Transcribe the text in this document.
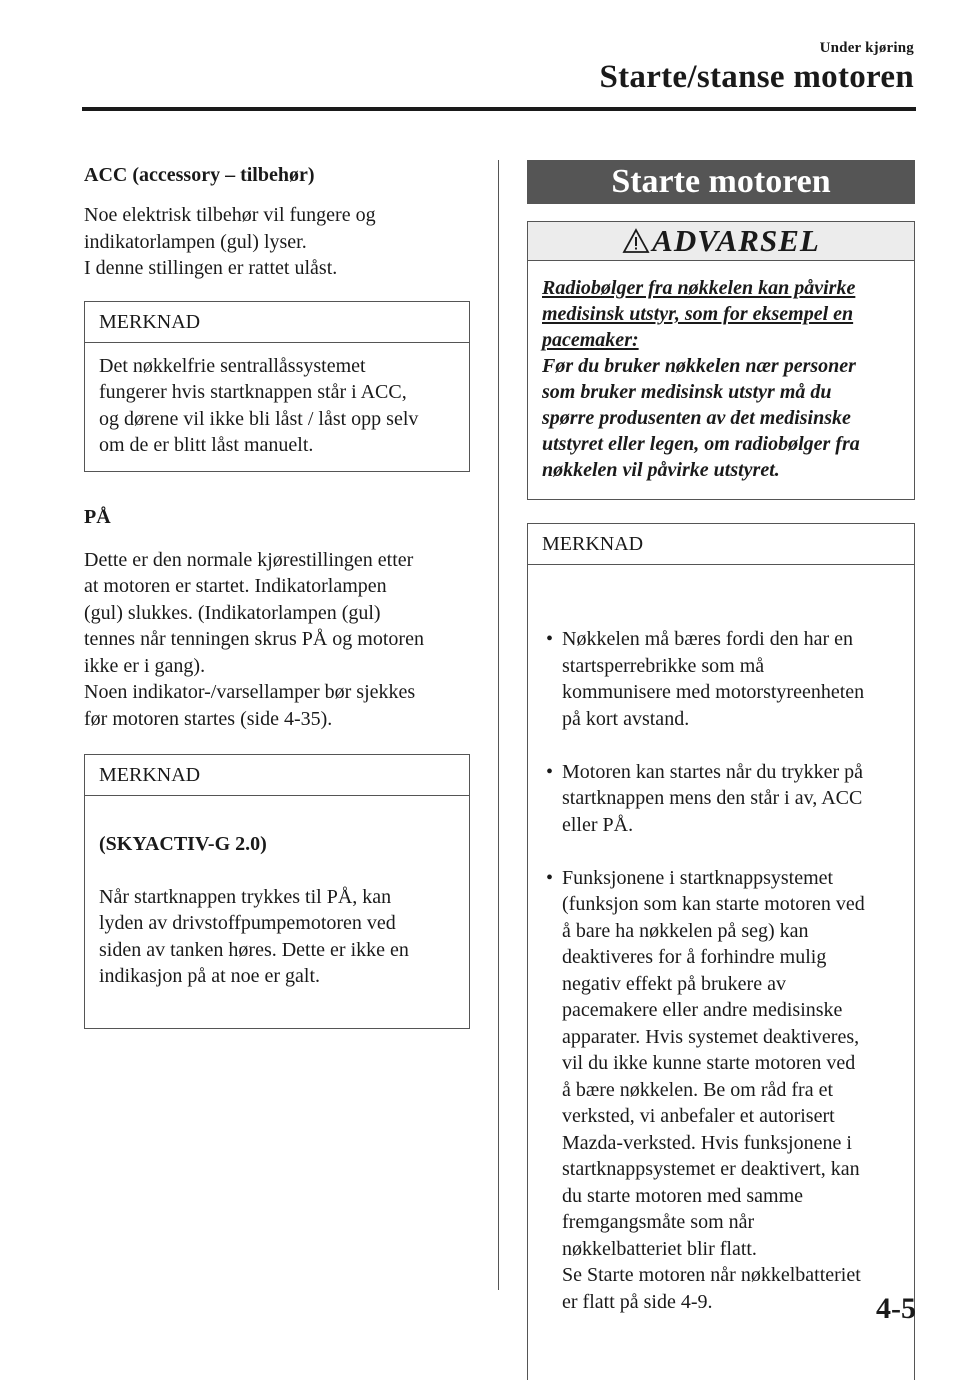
Under kjøring
Starte/stanse motoren
ACC (accessory – tilbehør)

Noe elektrisk tilbehør vil fungere og
indikatorlampen (gul) lyser.
I denne stillingen er rattet ulåst.

MERKNAD
Det nøkkelfrie sentrallåssystemet
fungerer hvis startknappen står i ACC,
og dørene vil ikke bli låst / låst opp selv
om de er blitt låst manuelt.
PÅ

Dette er den normale kjørestillingen etter
at motoren er startet. Indikatorlampen
(gul) slukkes. (Indikatorlampen (gul)
tennes når tenningen skrus PÅ og motoren
ikke er i gang).
Noen indikator-/varsellamper bør sjekkes
før motoren startes (side 4-35).

MERKNAD

(SKYACTIV-G 2.0)

Når startknappen trykkes til PÅ, kan
lyden av drivstoffpumpemotoren ved
siden av tanken høres. Dette er ikke en
indikasjon på at noe er galt.

Starte motoren
ADVARSEL
Radiobølger fra nøkkelen kan påvirke medisinsk utstyr, som for eksempel en pacemaker:
Før du bruker nøkkelen nær personer
som bruker medisinsk utstyr må du
spørre produsenten av det medisinske
utstyret eller legen, om radiobølger fra
nøkkelen vil påvirke utstyret.
MERKNAD

• Nøkkelen må bæres fordi den har en
startsperrebrikke som må
kommunisere med motorstyreenheten
på kort avstand.

• Motoren kan startes når du trykker på
startknappen mens den står i av, ACC
eller PÅ.

• Funksjonene i startknappsystemet
(funksjon som kan starte motoren ved
å bare ha nøkkelen på seg) kan
deaktiveres for å forhindre mulig
negativ effekt på brukere av
pacemakere eller andre medisinske
apparater. Hvis systemet deaktiveres,
vil du ikke kunne starte motoren ved
å bære nøkkelen. Be om råd fra et
verksted, vi anbefaler et autorisert
Mazda-verksted. Hvis funksjonene i
startknappsystemet er deaktivert, kan
du starte motoren med samme
fremgangsmåte som når
nøkkelbatteriet blir flatt.
Se Starte motoren når nøkkelbatteriet
er flatt på side 4-9.	4-5
